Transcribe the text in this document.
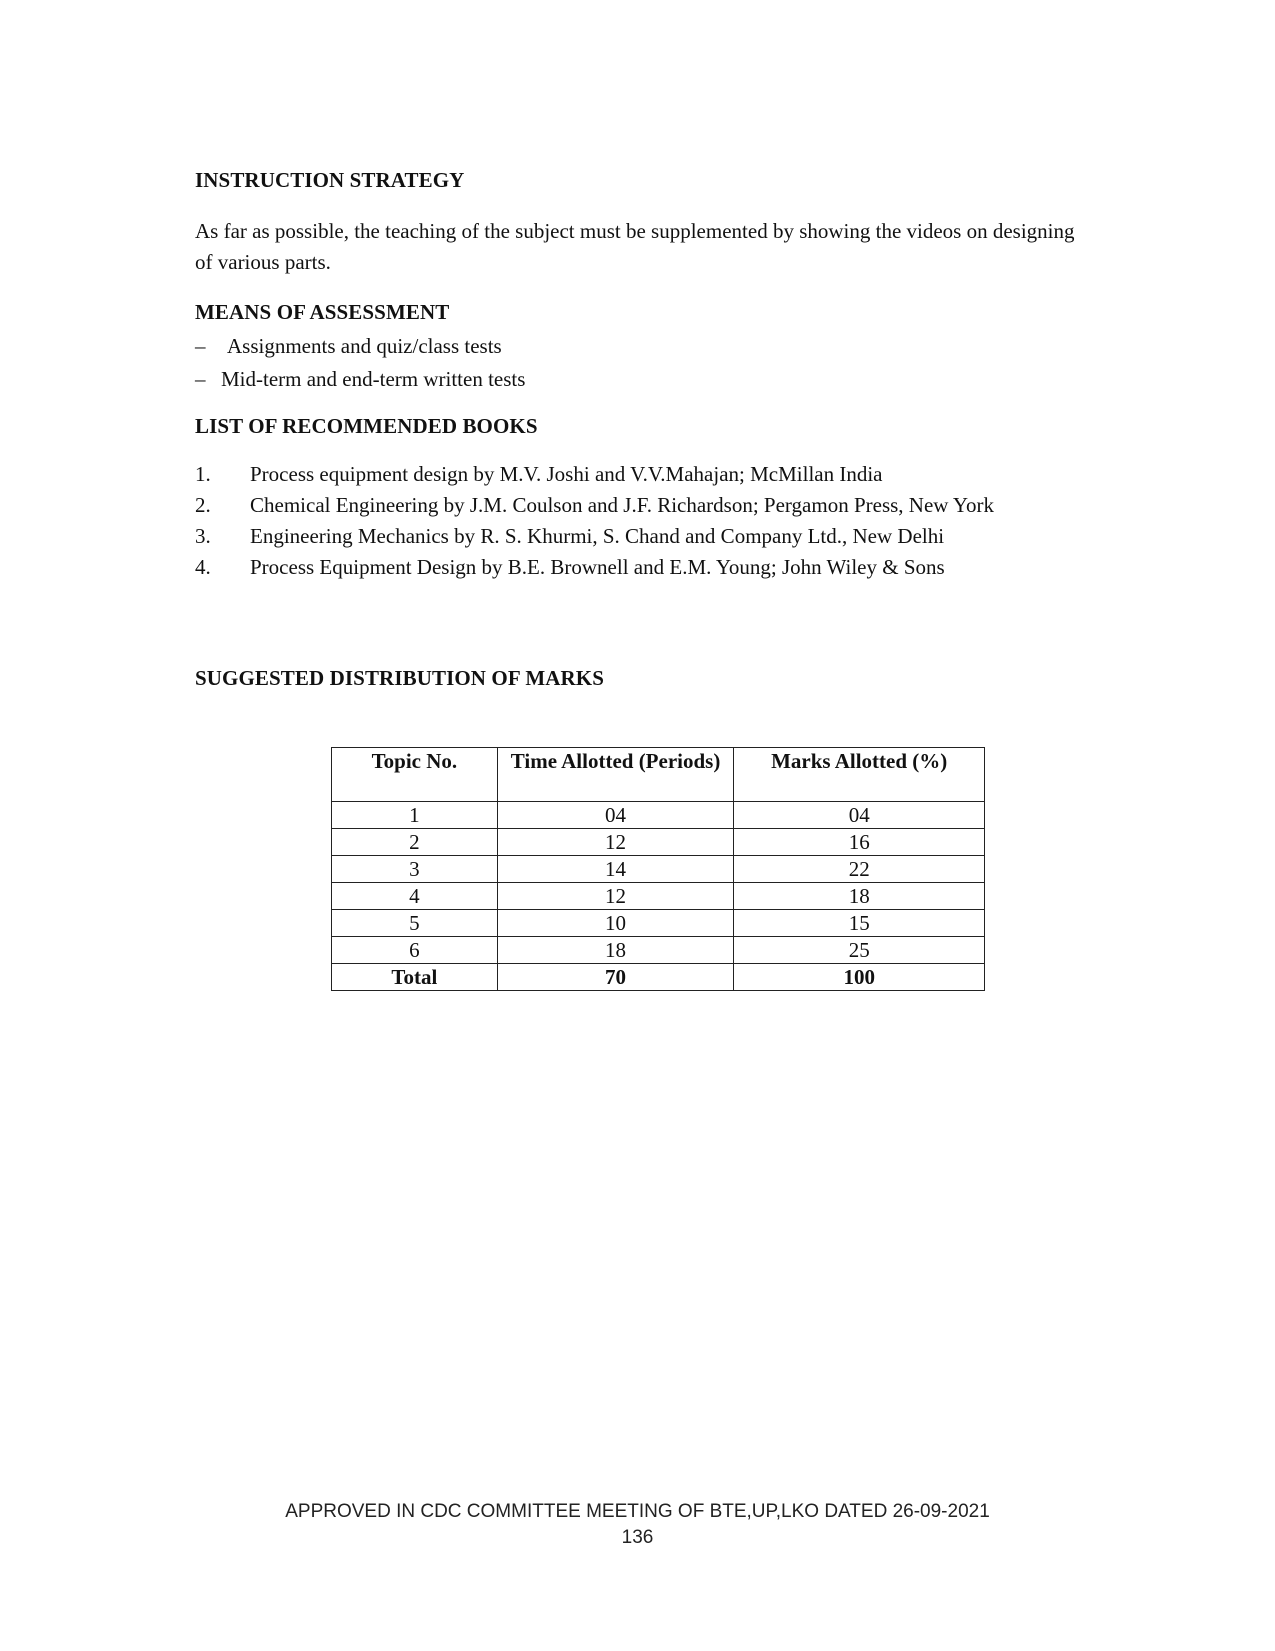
INSTRUCTION STRATEGY

As far as possible, the teaching of the subject must be supplemented by showing the videos on designing of various parts.

MEANS OF ASSESSMENT
– Assignments and quiz/class tests
– Mid-term and end-term written tests
LIST OF RECOMMENDED BOOKS
1. Process equipment design by M.V. Joshi and V.V.Mahajan; McMillan India
2. Chemical Engineering by J.M. Coulson and J.F. Richardson; Pergamon Press, New York
3. Engineering Mechanics by R. S. Khurmi, S. Chand and Company Ltd., New Delhi
4. Process Equipment Design by B.E. Brownell and E.M. Young; John Wiley & Sons
SUGGESTED DISTRIBUTION OF MARKS
Topic No.	Time Allotted (Periods)	Marks Allotted (%)
1	04	04
2	12	16
3	14	22
4	12	18
5	10	15
6	18	25
Total	70	100
APPROVED IN CDC COMMITTEE MEETING OF BTE,UP,LKO DATED 26-09-2021
136
